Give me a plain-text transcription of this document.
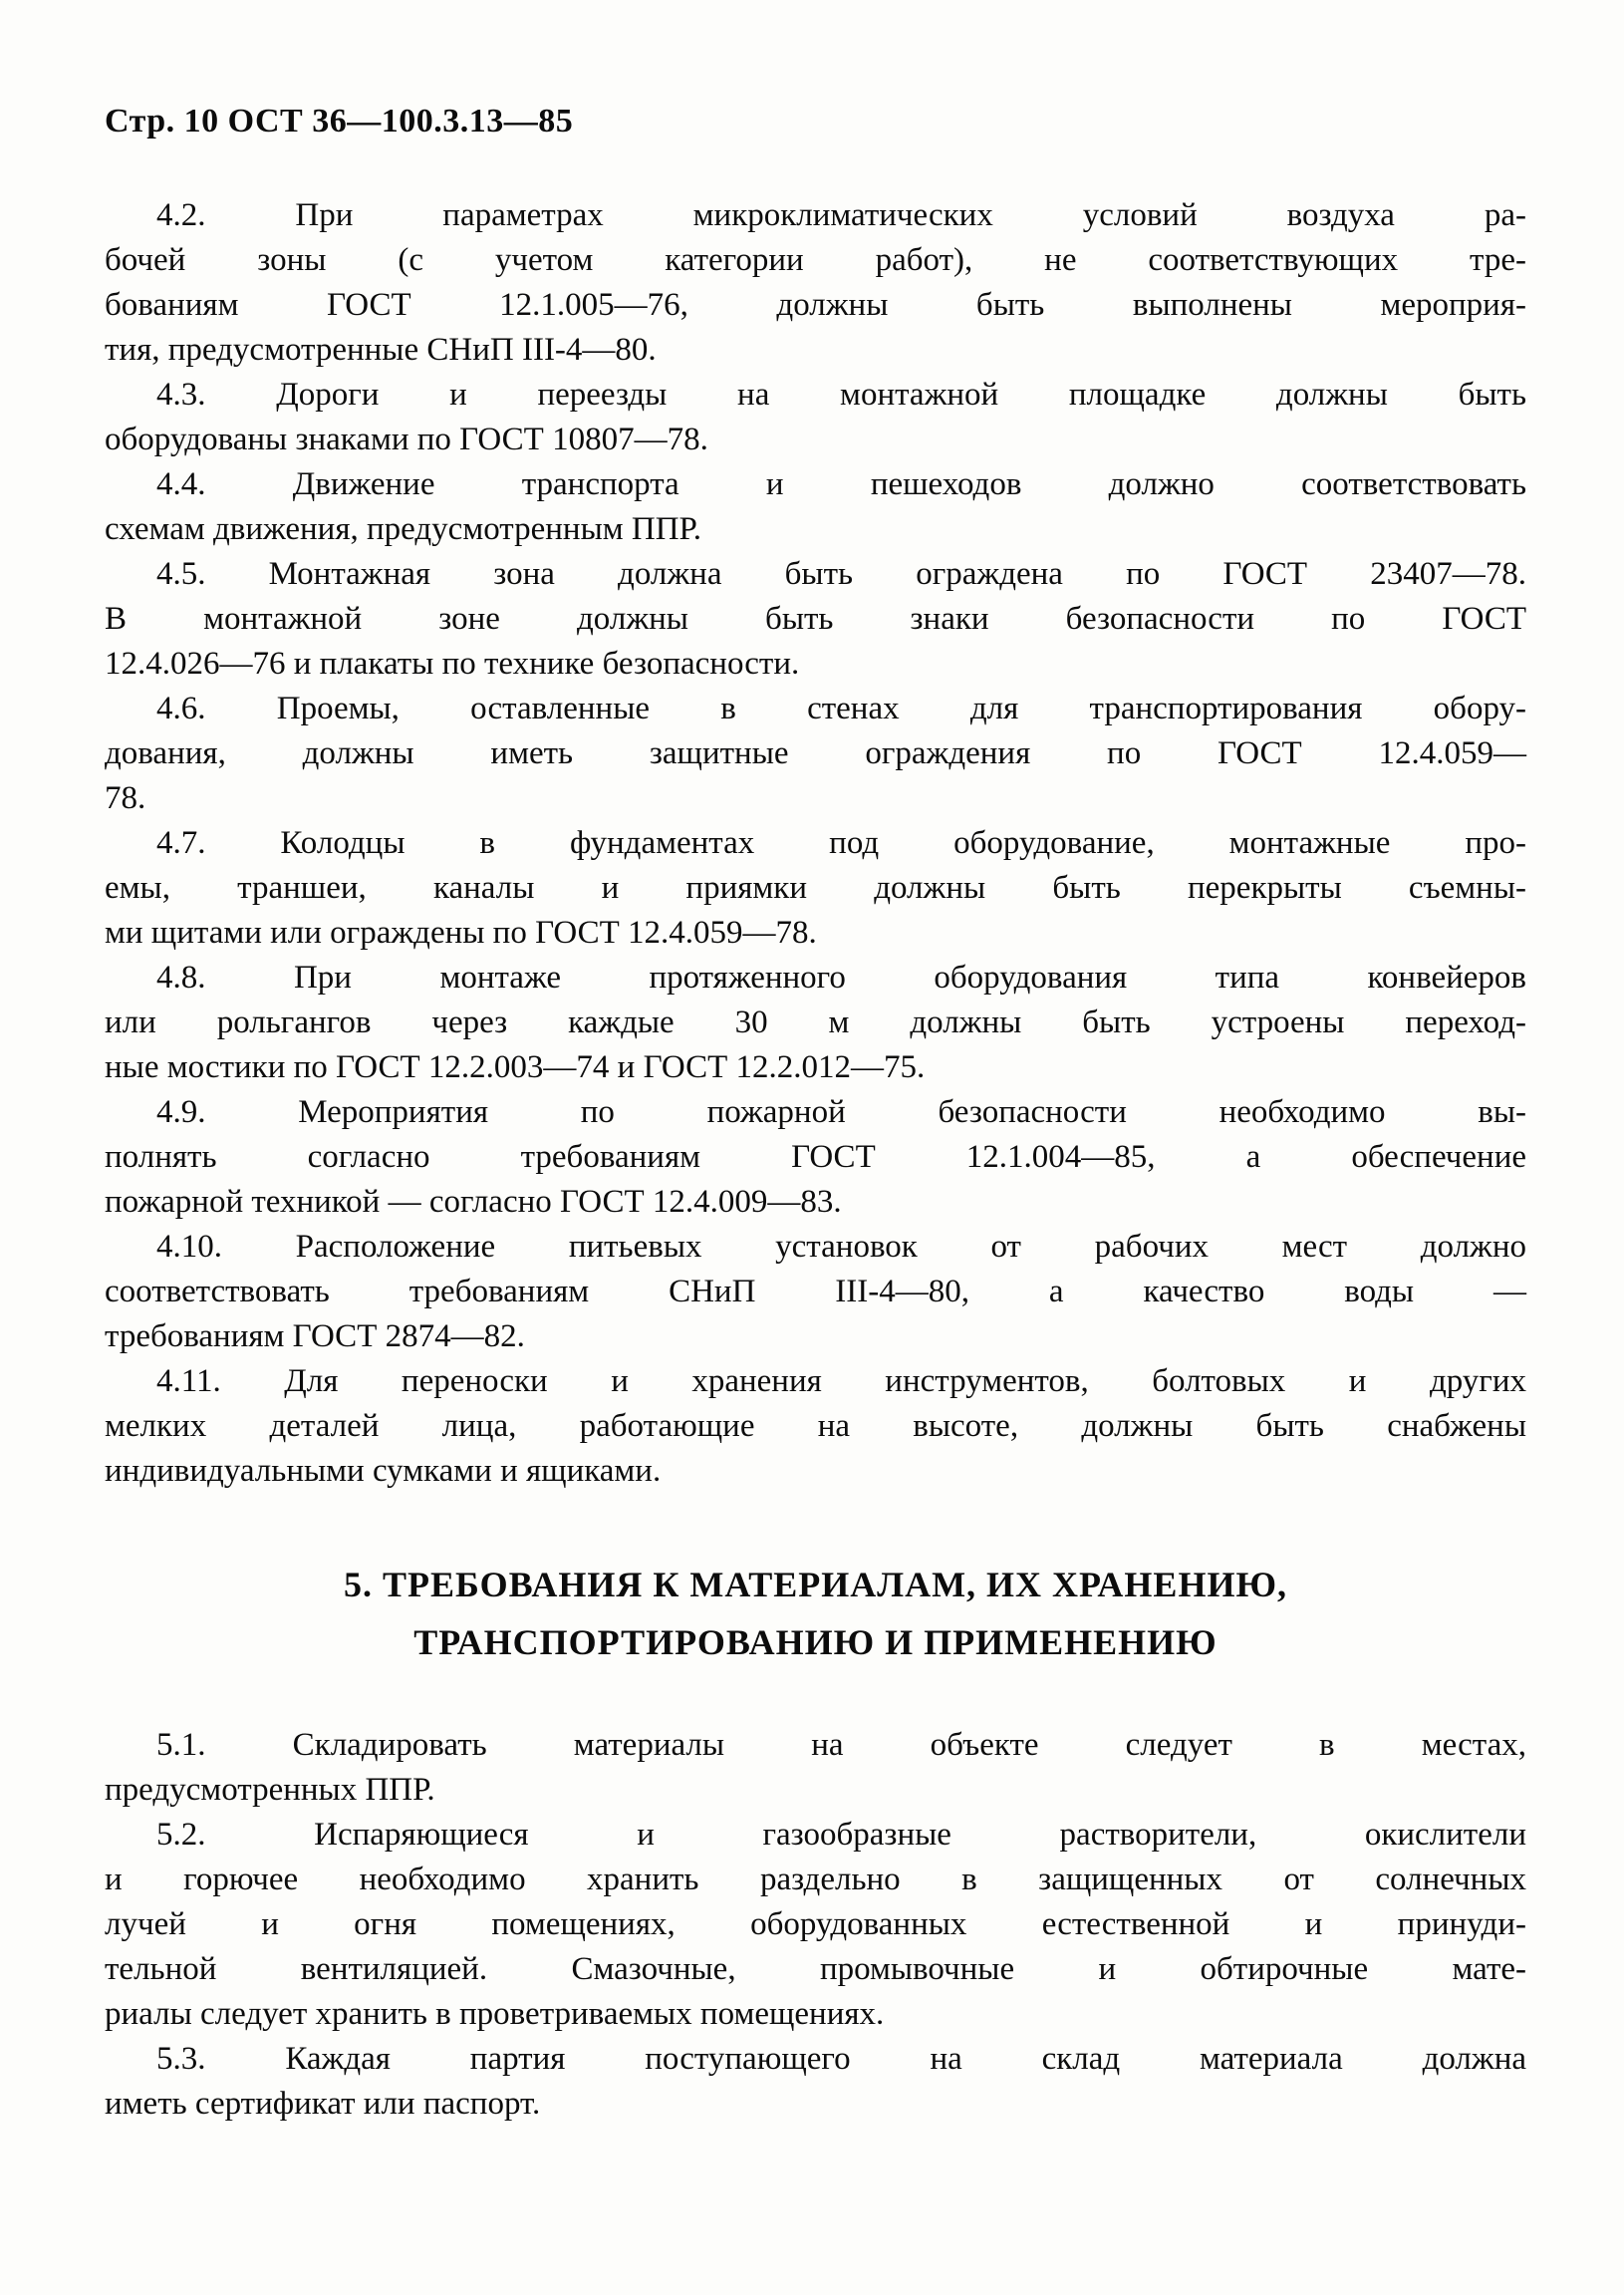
Стр. 10 ОСТ 36—100.3.13—85
4.2. При параметрах микроклиматических условий воздуха ра-
бочей зоны (с учетом категории работ), не соответствующих тре-
бованиям ГОСТ 12.1.005—76, должны быть выполнены мероприя-
тия, предусмотренные СНиП III-4—80.
4.3. Дороги и переезды на монтажной площадке должны быть
оборудованы знаками по ГОСТ 10807—78.
4.4. Движение транспорта и пешеходов должно соответствовать
схемам движения, предусмотренным ППР.
4.5. Монтажная зона должна быть ограждена по ГОСТ 23407—78.
В монтажной зоне должны быть знаки безопасности по ГОСТ
12.4.026—76 и плакаты по технике безопасности.
4.6. Проемы, оставленные в стенах для транспортирования обору-
дования, должны иметь защитные ограждения по ГОСТ 12.4.059—
78.
4.7. Колодцы в фундаментах под оборудование, монтажные про-
емы, траншеи, каналы и приямки должны быть перекрыты съемны-
ми щитами или ограждены по ГОСТ 12.4.059—78.
4.8. При монтаже протяженного оборудования типа конвейеров
или рольгангов через каждые 30 м должны быть устроены переход-
ные мостики по ГОСТ 12.2.003—74 и ГОСТ 12.2.012—75.
4.9. Мероприятия по пожарной безопасности необходимо вы-
полнять согласно требованиям ГОСТ 12.1.004—85, а обеспечение
пожарной техникой — согласно ГОСТ 12.4.009—83.
4.10. Расположение питьевых установок от рабочих мест должно
соответствовать требованиям СНиП III-4—80, а качество воды —
требованиям ГОСТ 2874—82.
4.11. Для переноски и хранения инструментов, болтовых и других
мелких деталей лица, работающие на высоте, должны быть снабжены
индивидуальными сумками и ящиками.
5. ТРЕБОВАНИЯ К МАТЕРИАЛАМ, ИХ ХРАНЕНИЮ,
ТРАНСПОРТИРОВАНИЮ И ПРИМЕНЕНИЮ
5.1. Складировать материалы на объекте следует в местах,
предусмотренных ППР.
5.2. Испаряющиеся и газообразные растворители, окислители
и горючее необходимо хранить раздельно в защищенных от солнечных
лучей и огня помещениях, оборудованных естественной и принуди-
тельной вентиляцией. Смазочные, промывочные и обтирочные мате-
риалы следует хранить в проветриваемых помещениях.
5.3. Каждая партия поступающего на склад материала должна
иметь сертификат или паспорт.
